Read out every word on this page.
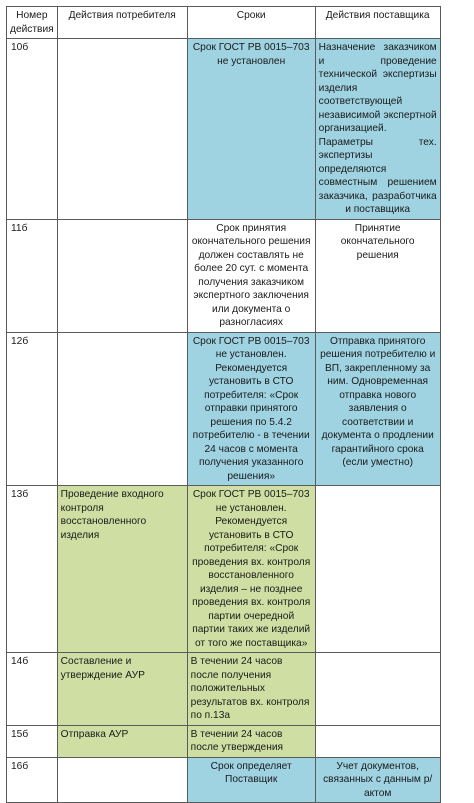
Номер действия	Действия потребителя	Сроки	Действия поставщика
10б		Срок ГОСТ РВ 0015–703 не установлен	Назначение заказчиком и проведение технической экспертизы изделия соответствующей независимой экспертной организацией. Параметры тех. экспертизы определяются совместным решением заказчика, разработчика и поставщика
11б		Срок принятия окончательного решения должен составлять не более 20 сут. с момента получения заказчиком экспертного заключения или документа о разногласиях	Принятие окончательного решения
12б		Срок ГОСТ РВ 0015–703 не установлен. Рекомендуется установить в СТО потребителя: «Срок отправки принятого решения по 5.4.2 потребителю - в течении 24 часов с момента получения указанного решения»	Отправка принятого решения потребителю и ВП, закрепленному за ним. Одновременная отправка нового заявления о соответствии и документа о продлении гарантийного срока (если уместно)
13б	Проведение входного контроля восстановленного изделия	Срок ГОСТ РВ 0015–703 не установлен. Рекомендуется установить в СТО потребителя: «Срок проведения вх. контроля восстановленного изделия – не позднее проведения вх. контроля партии очередной партии таких же изделий от того же поставщика»	
14б	Составление и утверждение АУР	В течении 24 часов после получения положительных результатов вх. контроля по п.13а	
15б	Отправка АУР	В течении 24 часов после утверждения	
16б		Срок определяет Поставщик	Учет документов, связанных с данным р/актом
